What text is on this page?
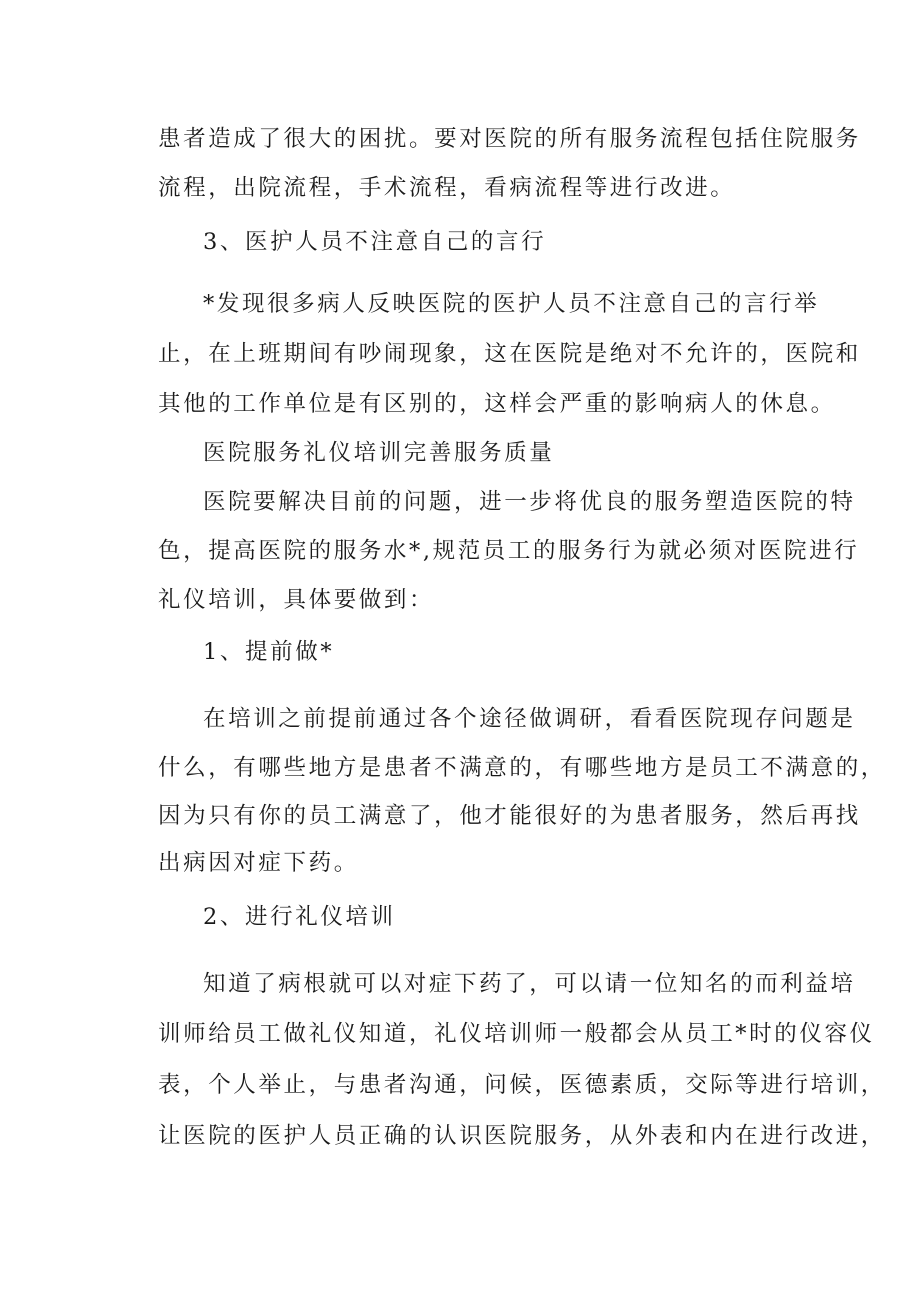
患者造成了很大的困扰。要对医院的所有服务流程包括住院服务
流程，出院流程，手术流程，看病流程等进行改进。
3、医护人员不注意自己的言行
*发现很多病人反映医院的医护人员不注意自己的言行举
止，在上班期间有吵闹现象，这在医院是绝对不允许的，医院和
其他的工作单位是有区别的，这样会严重的影响病人的休息。
医院服务礼仪培训完善服务质量
医院要解决目前的问题，进一步将优良的服务塑造医院的特
色，提高医院的服务水*,规范员工的服务行为就必须对医院进行
礼仪培训，具体要做到：
1、提前做*
在培训之前提前通过各个途径做调研，看看医院现存问题是
什么，有哪些地方是患者不满意的，有哪些地方是员工不满意的，
因为只有你的员工满意了，他才能很好的为患者服务，然后再找
出病因对症下药。
2、进行礼仪培训
知道了病根就可以对症下药了，可以请一位知名的而利益培
训师给员工做礼仪知道，礼仪培训师一般都会从员工*时的仪容仪
表，个人举止，与患者沟通，问候，医德素质，交际等进行培训，
让医院的医护人员正确的认识医院服务，从外表和内在进行改进，
